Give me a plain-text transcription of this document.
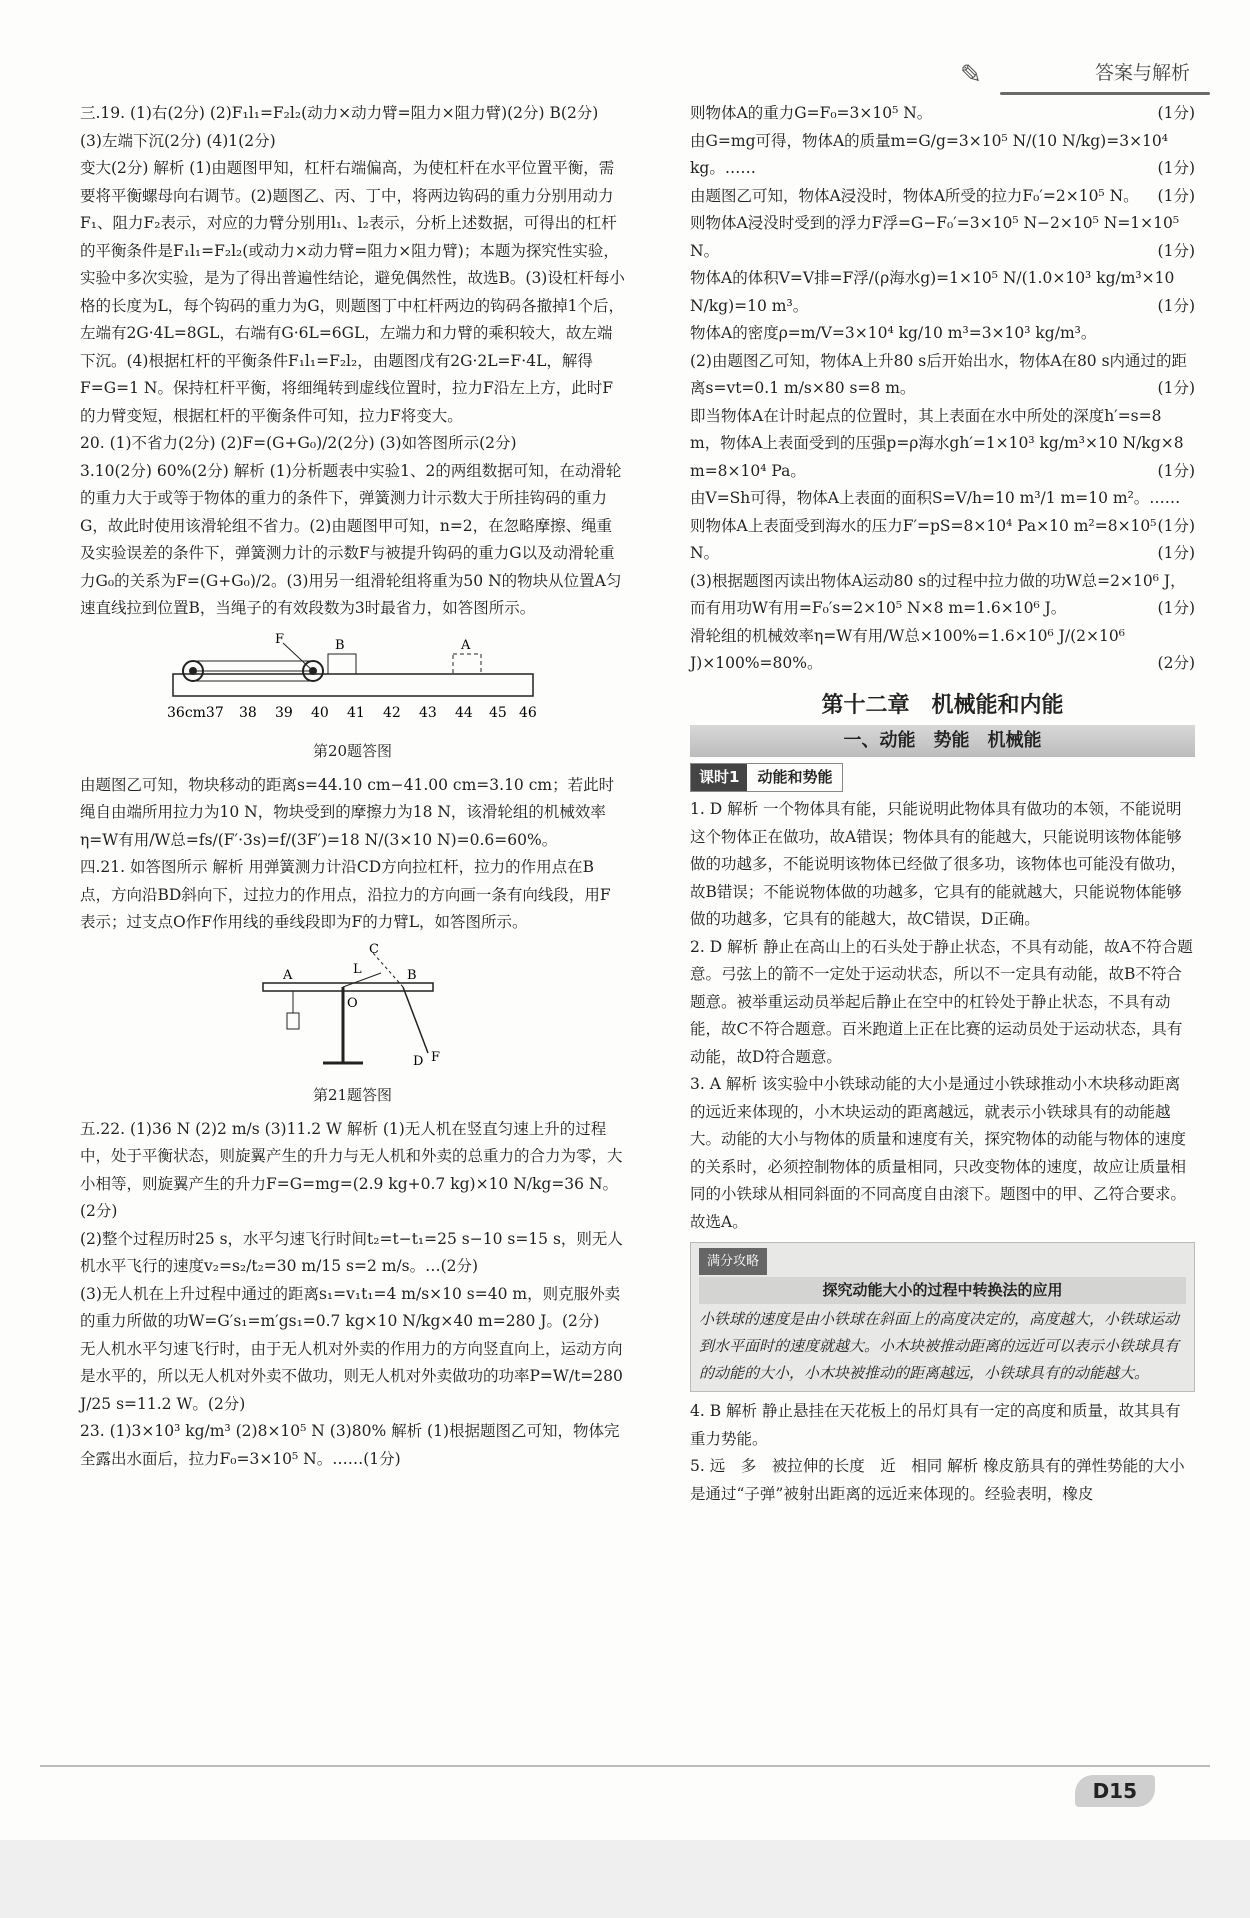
✎	答案与解析

三.19. (1)右(2分) (2)F₁l₁=F₂l₂(动力×动力臂=阻力×阻力臂)(2分) B(2分) (3)左端下沉(2分) (4)1(2分)

变大(2分) 解析 (1)由题图甲知，杠杆右端偏高，为使杠杆在水平位置平衡，需要将平衡螺母向右调节。(2)题图乙、丙、丁中，将两边钩码的重力分别用动力F₁、阻力F₂表示，对应的力臂分别用l₁、l₂表示，分析上述数据，可得出的杠杆的平衡条件是F₁l₁=F₂l₂(或动力×动力臂=阻力×阻力臂)；本题为探究性实验，实验中多次实验，是为了得出普遍性结论，避免偶然性，故选B。(3)设杠杆每小格的长度为L，每个钩码的重力为G，则题图丁中杠杆两边的钩码各撤掉1个后，左端有2G·4L=8GL，右端有G·6L=6GL，左端力和力臂的乘积较大，故左端下沉。(4)根据杠杆的平衡条件F₁l₁=F₂l₂，由题图戊有2G·2L=F·4L，解得F=G=1 N。保持杠杆平衡，将细绳转到虚线位置时，拉力F沿左上方，此时F的力臂变短，根据杠杆的平衡条件可知，拉力F将变大。

20. (1)不省力(2分) (2)F=(G+G₀)/2(2分) (3)如答图所示(2分)

3.10(2分) 60%(2分) 解析 (1)分析题表中实验1、2的两组数据可知，在动滑轮的重力大于或等于物体的重力的条件下，弹簧测力计示数大于所挂钩码的重力G，故此时使用该滑轮组不省力。(2)由题图甲可知，n=2，在忽略摩擦、绳重及实验误差的条件下，弹簧测力计的示数F与被提升钩码的重力G以及动滑轮重力G₀的关系为F=(G+G₀)/2。(3)用另一组滑轮组将重为50 N的物块从位置A匀速直线拉到位置B，当绳子的有效段数为3时最省力，如答图所示。

F	B	A
36cm37 38 39 40 41 42 43 44 45 46
第20题答图

由题图乙可知，物块移动的距离s=44.10 cm−41.00 cm=3.10 cm；若此时绳自由端所用拉力为10 N，物块受到的摩擦力为18 N，该滑轮组的机械效率η=W有用/W总=fs/(F′·3s)=f/(3F′)=18 N/(3×10 N)=0.6=60%。

四.21. 如答图所示 解析 用弹簧测力计沿CD方向拉杠杆，拉力的作用点在B点，方向沿BD斜向下，过拉力的作用点，沿拉力的方向画一条有向线段，用F表示；过支点O作F作用线的垂线段即为F的力臂L，如答图所示。

C
A	L	B
O
D F
第21题答图

五.22. (1)36 N (2)2 m/s (3)11.2 W 解析 (1)无人机在竖直匀速上升的过程中，处于平衡状态，则旋翼产生的升力与无人机和外卖的总重力的合力为零，大小相等，则旋翼产生的升力F=G=mg=(2.9 kg+0.7 kg)×10 N/kg=36 N。(2分)

(2)整个过程历时25 s，水平匀速飞行时间t₂=t−t₁=25 s−10 s=15 s，则无人机水平飞行的速度v₂=s₂/t₂=30 m/15 s=2 m/s。…(2分)

(3)无人机在上升过程中通过的距离s₁=v₁t₁=4 m/s×10 s=40 m，则克服外卖的重力所做的功W=G′s₁=m′gs₁=0.7 kg×10 N/kg×40 m=280 J。(2分)

无人机水平匀速飞行时，由于无人机对外卖的作用力的方向竖直向上，运动方向是水平的，所以无人机对外卖不做功，则无人机对外卖做功的功率P=W/t=280 J/25 s=11.2 W。(2分)

23. (1)3×10³ kg/m³ (2)8×10⁵ N (3)80% 解析 (1)根据题图乙可知，物体完全露出水面后，拉力F₀=3×10⁵ N。……(1分)

则物体A的重力G=F₀=3×10⁵ N。	(1分)

由G=mg可得，物体A的质量m=G/g=3×10⁵ N/(10 N/kg)=3×10⁴ kg。……	(1分)

由题图乙可知，物体A浸没时，物体A所受的拉力F₀′=2×10⁵ N。 (1分)

则物体A浸没时受到的浮力F浮=G−F₀′=3×10⁵ N−2×10⁵ N=1×10⁵ N。	(1分)

物体A的体积V=V排=F浮/(ρ海水g)=1×10⁵ N/(1.0×10³ kg/m³×10 N/kg)=10 m³。	(1分)

物体A的密度ρ=m/V=3×10⁴ kg/10 m³=3×10³ kg/m³。

(2)由题图乙可知，物体A上升80 s后开始出水，物体A在80 s内通过的距离s=vt=0.1 m/s×80 s=8 m。	(1分)

即当物体A在计时起点的位置时，其上表面在水中所处的深度h′=s=8 m，物体A上表面受到的压强p=ρ海水gh′=1×10³ kg/m³×10 N/kg×8 m=8×10⁴ Pa。	(1分)

由V=Sh可得，物体A上表面的面积S=V/h=10 m³/1 m=10 m²。……
(1分)

则物体A上表面受到海水的压力F′=pS=8×10⁴ Pa×10 m²=8×10⁵ N。	(1分)

(3)根据题图丙读出物体A运动80 s的过程中拉力做的功W总=2×10⁶ J，而有用功W有用=F₀′s=2×10⁵ N×8 m=1.6×10⁶ J。	(1分)

滑轮组的机械效率η=W有用/W总×100%=1.6×10⁶ J/(2×10⁶ J)×100%=80%。	(2分)

第十二章　机械能和内能
一、动能　势能　机械能
课时1	动能和势能

1. D 解析 一个物体具有能，只能说明此物体具有做功的本领，不能说明这个物体正在做功，故A错误；物体具有的能越大，只能说明该物体能够做的功越多，不能说明该物体已经做了很多功，该物体也可能没有做功，故B错误；不能说物体做的功越多，它具有的能就越大，只能说物体能够做的功越多，它具有的能越大，故C错误，D正确。

2. D 解析 静止在高山上的石头处于静止状态，不具有动能，故A不符合题意。弓弦上的箭不一定处于运动状态，所以不一定具有动能，故B不符合题意。被举重运动员举起后静止在空中的杠铃处于静止状态，不具有动能，故C不符合题意。百米跑道上正在比赛的运动员处于运动状态，具有动能，故D符合题意。

3. A 解析 该实验中小铁球动能的大小是通过小铁球推动小木块移动距离的远近来体现的，小木块运动的距离越远，就表示小铁球具有的动能越大。动能的大小与物体的质量和速度有关，探究物体的动能与物体的速度的关系时，必须控制物体的质量相同，只改变物体的速度，故应让质量相同的小铁球从相同斜面的不同高度自由滚下。题图中的甲、乙符合要求。故选A。

满分攻略
探究动能大小的过程中转换法的应用
小铁球的速度是由小铁球在斜面上的高度决定的，高度越大，小铁球运动到水平面时的速度就越大。小木块被推动距离的远近可以表示小铁球具有的动能的大小，小木块被推动的距离越远，小铁球具有的动能越大。

4. B 解析 静止悬挂在天花板上的吊灯具有一定的高度和质量，故其具有重力势能。

5. 远　多　被拉伸的长度　近　相同 解析 橡皮筋具有的弹性势能的大小是通过“子弹”被射出距离的远近来体现的。经验表明，橡皮

D15
